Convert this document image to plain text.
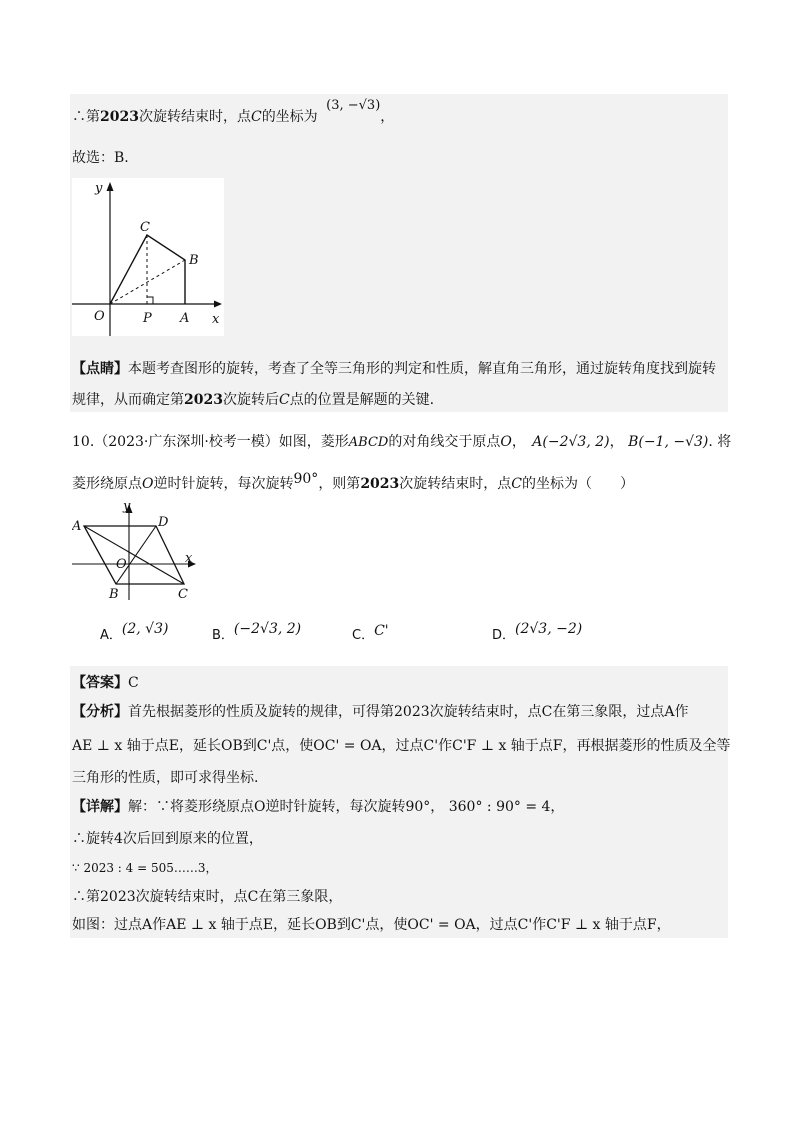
∴第2023次旋转结束时，点C的坐标为 (3, −√3)，
故选：B.
y
x
O	P A
B
C
【点睛】本题考查图形的旋转，考查了全等三角形的判定和性质，解直角三角形，通过旋转角度找到旋转
规律，从而确定第2023次旋转后C点的位置是解题的关键.
10.（2023·广东深圳·校考一模）如图，菱形ABCD的对角线交于原点O， A(−2√3, 2)， B(−1, −√3). 将
菱形绕原点O逆时针旋转，每次旋转90°，则第2023次旋转结束时，点C的坐标为（　　）
y
x
O
A
B	C
D
A．(2, √3)	B．(−2√3, 2)	C．C'	D．(2√3, −2)
【答案】C
【分析】首先根据菱形的性质及旋转的规律，可得第2023次旋转结束时，点C在第三象限，过点A作
AE ⊥ x 轴于点E，延长OB到C'点，使OC' = OA，过点C'作C'F ⊥ x 轴于点F，再根据菱形的性质及全等
三角形的性质，即可求得坐标.
【详解】解：∵将菱形绕原点O逆时针旋转，每次旋转90°， 360° : 90° = 4，
∴旋转4次后回到原来的位置，
∵ 2023 : 4 = 505……3，
∴第2023次旋转结束时，点C在第三象限，
如图：过点A作AE ⊥ x 轴于点E，延长OB到C'点，使OC' = OA，过点C'作C'F ⊥ x 轴于点F，
